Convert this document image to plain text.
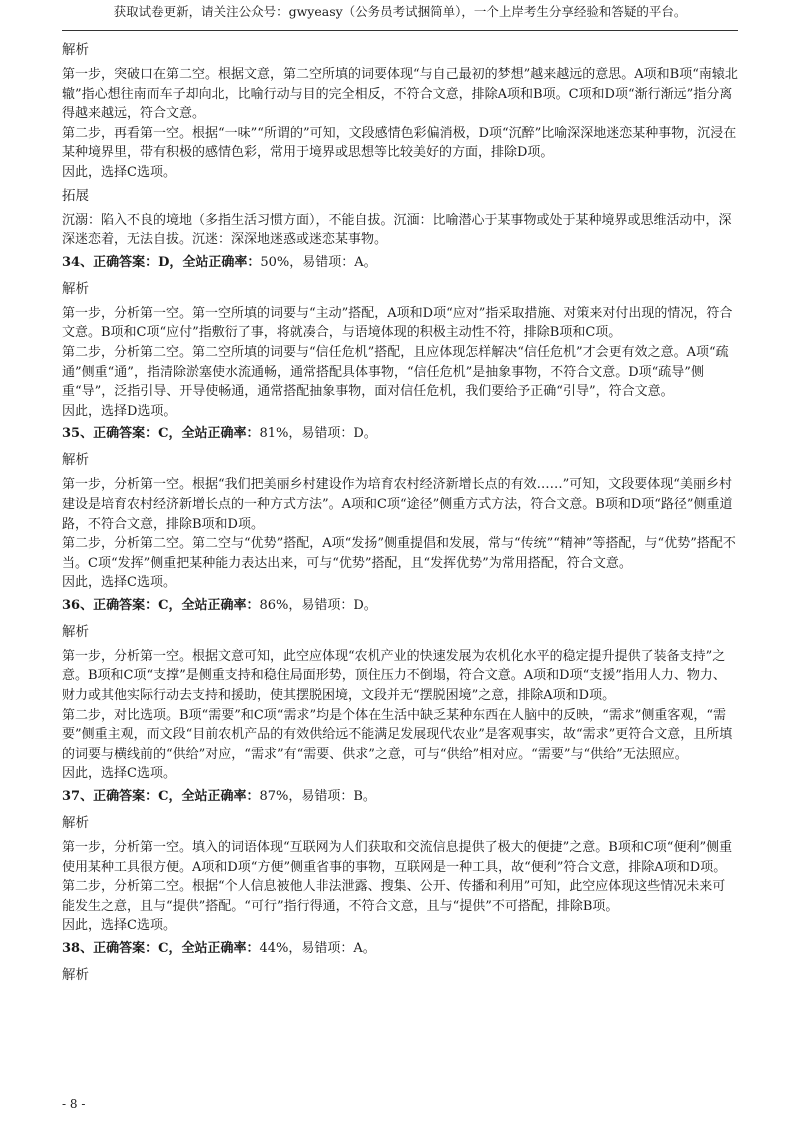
获取试卷更新，请关注公众号：gwyeasy（公务员考试捆简单），一个上岸考生分享经验和答疑的平台。

解析

第一步，突破口在第二空。根据文意，第二空所填的词要体现“与自己最初的梦想”越来越远的意思。A项和B项“南辕北辙”指心想往南而车子却向北，比喻行动与目的完全相反，不符合文意，排除A项和B项。C项和D项“渐行渐远”指分离得越来越远，符合文意。

第二步，再看第一空。根据“一味”“所谓的”可知，文段感情色彩偏消极，D项“沉醉”比喻深深地迷恋某种事物，沉浸在某种境界里，带有积极的感情色彩，常用于境界或思想等比较美好的方面，排除D项。

因此，选择C选项。

拓展

沉溺：陷入不良的境地（多指生活习惯方面），不能自拔。沉湎：比喻潜心于某事物或处于某种境界或思维活动中，深深迷恋着，无法自拔。沉迷：深深地迷惑或迷恋某事物。

34、正确答案：D，全站正确率：50%，易错项：A。

解析

第一步，分析第一空。第一空所填的词要与“主动”搭配，A项和D项“应对”指采取措施、对策来对付出现的情况，符合文意。B项和C项“应付”指敷衍了事，将就凑合，与语境体现的积极主动性不符，排除B项和C项。

第二步，分析第二空。第二空所填的词要与“信任危机”搭配，且应体现怎样解决“信任危机”才会更有效之意。A项“疏通”侧重“通”，指清除淤塞使水流通畅，通常搭配具体事物，“信任危机”是抽象事物，不符合文意。D项“疏导”侧重“导”，泛指引导、开导使畅通，通常搭配抽象事物，面对信任危机，我们要给予正确“引导”，符合文意。

因此，选择D选项。

35、正确答案：C，全站正确率：81%，易错项：D。

解析

第一步，分析第一空。根据“我们把美丽乡村建设作为培育农村经济新增长点的有效……”可知，文段要体现“美丽乡村建设是培育农村经济新增长点的一种方式方法”。A项和C项“途径”侧重方式方法，符合文意。B项和D项“路径”侧重道路，不符合文意，排除B项和D项。

第二步，分析第二空。第二空与“优势”搭配，A项“发扬”侧重提倡和发展，常与“传统”“精神”等搭配，与“优势”搭配不当。C项“发挥”侧重把某种能力表达出来，可与“优势”搭配，且“发挥优势”为常用搭配，符合文意。

因此，选择C选项。

36、正确答案：C，全站正确率：86%，易错项：D。

解析

第一步，分析第一空。根据文意可知，此空应体现“农机产业的快速发展为农机化水平的稳定提升提供了装备支持”之意。B项和C项“支撑”是侧重支持和稳住局面形势，顶住压力不倒塌，符合文意。A项和D项“支援”指用人力、物力、财力或其他实际行动去支持和援助，使其摆脱困境，文段并无“摆脱困境”之意，排除A项和D项。

第二步，对比选项。B项“需要”和C项“需求”均是个体在生活中缺乏某种东西在人脑中的反映，“需求”侧重客观，“需要”侧重主观，而文段“目前农机产品的有效供给远不能满足发展现代农业”是客观事实，故“需求”更符合文意，且所填的词要与横线前的“供给”对应，“需求”有“需要、供求”之意，可与“供给”相对应。“需要”与“供给”无法照应。

因此，选择C选项。

37、正确答案：C，全站正确率：87%，易错项：B。

解析

第一步，分析第一空。填入的词语体现“互联网为人们获取和交流信息提供了极大的便捷”之意。B项和C项“便利”侧重使用某种工具很方便。A项和D项“方便”侧重省事的事物，互联网是一种工具，故“便利”符合文意，排除A项和D项。

第二步，分析第二空。根据“个人信息被他人非法泄露、搜集、公开、传播和利用”可知，此空应体现这些情况未来可能发生之意，且与“提供”搭配。“可行”指行得通，不符合文意，且与“提供”不可搭配，排除B项。

因此，选择C选项。

38、正确答案：C，全站正确率：44%，易错项：A。

解析

- 8 -
